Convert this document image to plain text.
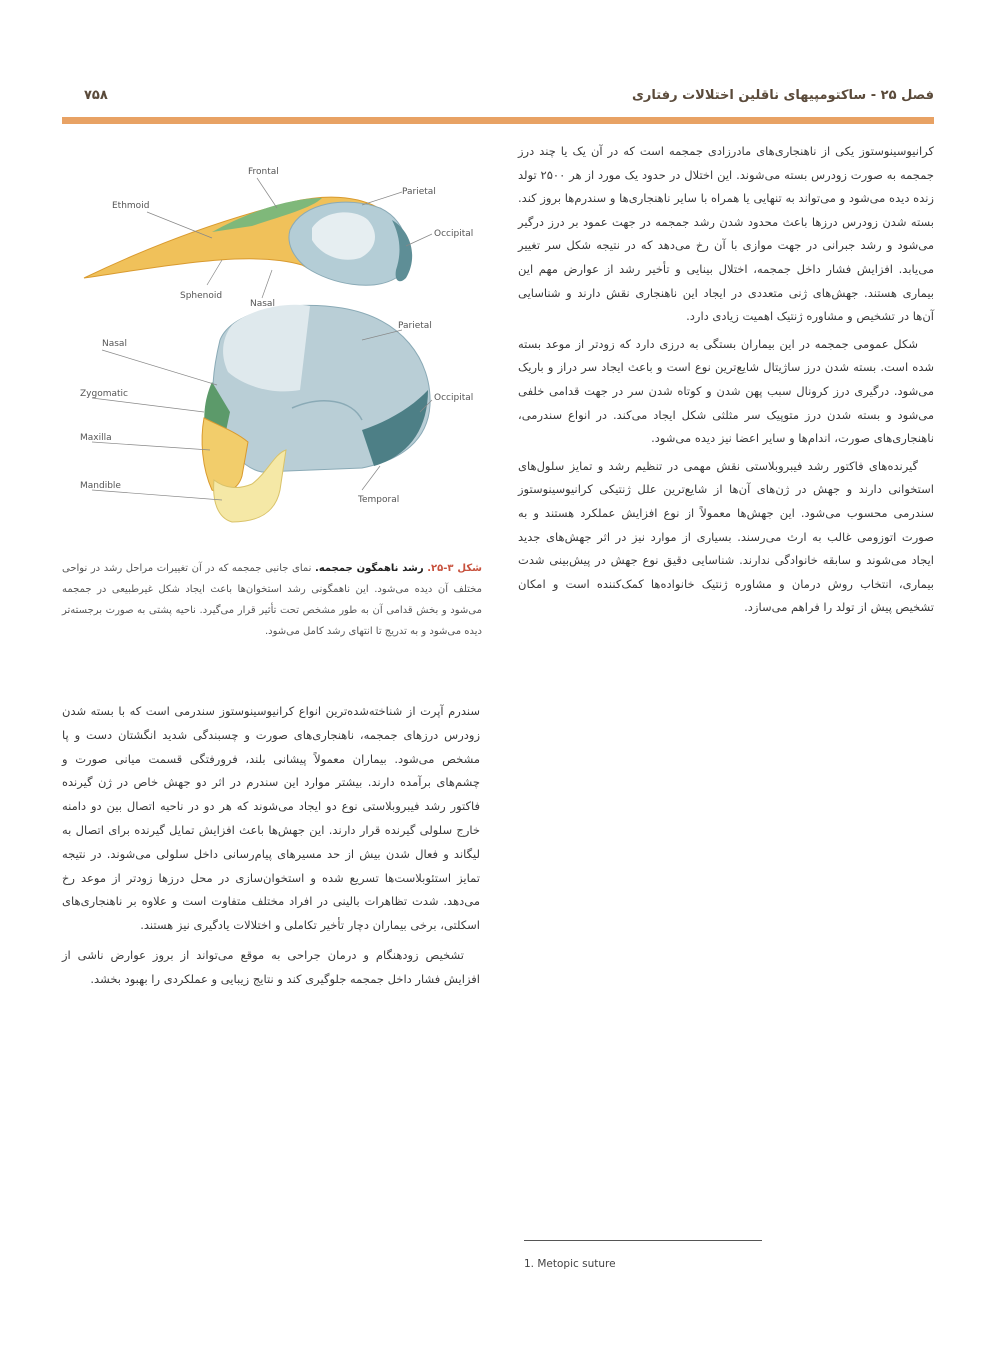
۷۵۸	فصل ۲۵ - ساکتومپیهای ناقلین اختلالات رفتاری
Frontal
Ethmoid
Parietal
Occipital
Sphenoid
Nasal
Nasal
Zygomatic
Maxilla
Mandible
Parietal
Occipital
Temporal
شکل ۳-۲۵. رشد ناهمگون جمجمه. نمای جانبی جمجمه که در آن تغییرات مراحل رشد در نواحی مختلف آن دیده می‌شود. این ناهمگونی رشد استخوان‌ها باعث ایجاد شکل غیرطبیعی در جمجمه می‌شود و بخش قدامی آن به طور مشخص تحت تأثیر قرار می‌گیرد. ناحیه پشتی به صورت برجسته‌تر دیده می‌شود و به تدریج تا انتهای رشد کامل می‌شود.

کرانیوسینوستوز یکی از ناهنجاری‌های مادرزادی جمجمه است که در آن یک یا چند درز جمجمه به صورت زودرس بسته می‌شوند. این اختلال در حدود یک مورد از هر ۲۵۰۰ تولد زنده دیده می‌شود و می‌تواند به تنهایی یا همراه با سایر ناهنجاری‌ها و سندرم‌ها بروز کند. بسته شدن زودرس درزها باعث محدود شدن رشد جمجمه در جهت عمود بر درز درگیر می‌شود و رشد جبرانی در جهت موازی با آن رخ می‌دهد که در نتیجه شکل سر تغییر می‌یابد. افزایش فشار داخل جمجمه، اختلال بینایی و تأخیر رشد از عوارض مهم این بیماری هستند. جهش‌های ژنی متعددی در ایجاد این ناهنجاری نقش دارند و شناسایی آن‌ها در تشخیص و مشاوره ژنتیک اهمیت زیادی دارد.

شکل عمومی جمجمه در این بیماران بستگی به درزی دارد که زودتر از موعد بسته شده است. بسته شدن درز ساژیتال شایع‌ترین نوع است و باعث ایجاد سر دراز و باریک می‌شود. درگیری درز کرونال سبب پهن شدن و کوتاه شدن سر در جهت قدامی خلفی می‌شود و بسته شدن درز متوپیک سر مثلثی شکل ایجاد می‌کند. در انواع سندرمی، ناهنجاری‌های صورت، اندام‌ها و سایر اعضا نیز دیده می‌شود.

گیرنده‌های فاکتور رشد فیبروبلاستی نقش مهمی در تنظیم رشد و تمایز سلول‌های استخوانی دارند و جهش در ژن‌های آن‌ها از شایع‌ترین علل ژنتیکی کرانیوسینوستوز سندرمی محسوب می‌شود. این جهش‌ها معمولاً از نوع افزایش عملکرد هستند و به صورت اتوزومی غالب به ارث می‌رسند. بسیاری از موارد نیز در اثر جهش‌های جدید ایجاد می‌شوند و سابقه خانوادگی ندارند. شناسایی دقیق نوع جهش در پیش‌بینی شدت بیماری، انتخاب روش درمان و مشاوره ژنتیک خانواده‌ها کمک‌کننده است و امکان تشخیص پیش از تولد را فراهم می‌سازد.

سندرم آپرت از شناخته‌شده‌ترین انواع کرانیوسینوستوز سندرمی است که با بسته شدن زودرس درزهای جمجمه، ناهنجاری‌های صورت و چسبندگی شدید انگشتان دست و پا مشخص می‌شود. بیماران معمولاً پیشانی بلند، فرورفتگی قسمت میانی صورت و چشم‌های برآمده دارند. بیشتر موارد این سندرم در اثر دو جهش خاص در ژن گیرنده فاکتور رشد فیبروبلاستی نوع دو ایجاد می‌شوند که هر دو در ناحیه اتصال بین دو دامنه خارج سلولی گیرنده قرار دارند. این جهش‌ها باعث افزایش تمایل گیرنده برای اتصال به لیگاند و فعال شدن بیش از حد مسیرهای پیام‌رسانی داخل سلولی می‌شوند. در نتیجه تمایز استئوبلاست‌ها تسریع شده و استخوان‌سازی در محل درزها زودتر از موعد رخ می‌دهد. شدت تظاهرات بالینی در افراد مختلف متفاوت است و علاوه بر ناهنجاری‌های اسکلتی، برخی بیماران دچار تأخیر تکاملی و اختلالات یادگیری نیز هستند.

تشخیص زودهنگام و درمان جراحی به موقع می‌تواند از بروز عوارض ناشی از افزایش فشار داخل جمجمه جلوگیری کند و نتایج زیبایی و عملکردی را بهبود بخشد.

1. Metopic suture
